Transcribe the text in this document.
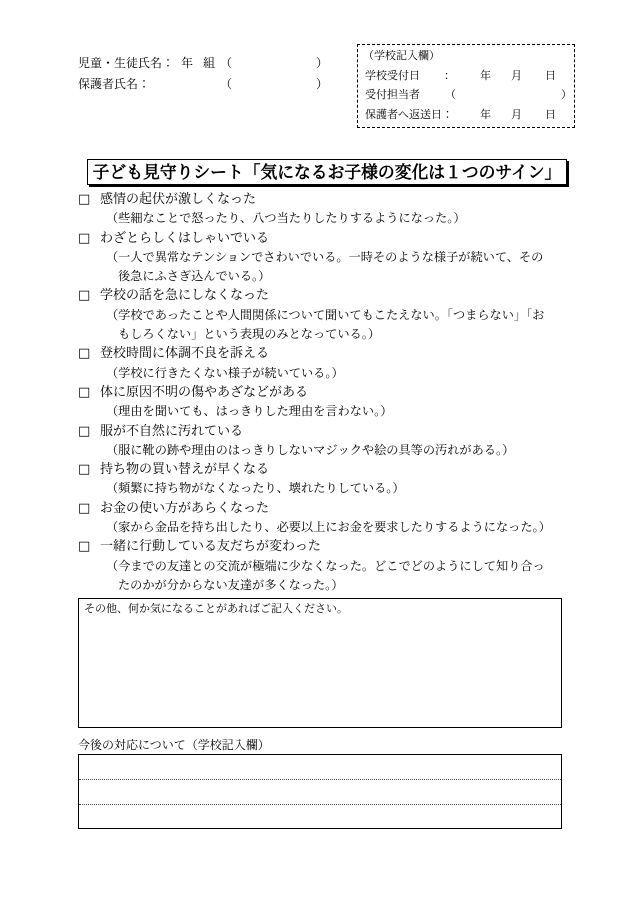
児童・生徒氏名： 年 組 （	）
保護者氏名：	（	）
（学校記入欄）
学校受付日 ： 年 月 日
受付担当者 （	）
保護者へ返送日： 年 月 日
子ども見守りシート「気になるお子様の変化は１つのサイン」
□ 感情の起伏が激しくなった
（些細なことで怒ったり、八つ当たりしたりするようになった。）
□ わざとらしくはしゃいでいる
（一人で異常なテンションでさわいでいる。一時そのような様子が続いて、その
後急にふさぎ込んでいる。）
□ 学校の話を急にしなくなった
（学校であったことや人間関係について聞いてもこたえない。「つまらない」「お
もしろくない」という表現のみとなっている。）
□ 登校時間に体調不良を訴える
（学校に行きたくない様子が続いている。）
□ 体に原因不明の傷やあざなどがある
（理由を聞いても、はっきりした理由を言わない。）
□ 服が不自然に汚れている
（服に靴の跡や理由のはっきりしないマジックや絵の具等の汚れがある。）
□ 持ち物の買い替えが早くなる
（頻繁に持ち物がなくなったり、壊れたりしている。）
□ お金の使い方があらくなった
（家から金品を持ち出したり、必要以上にお金を要求したりするようになった。）
□ 一緒に行動している友だちが変わった
（今までの友達との交流が極端に少なくなった。どこでどのようにして知り合っ
たのかが分からない友達が多くなった。）
その他、何か気になることがあればご記入ください。
今後の対応について（学校記入欄）
